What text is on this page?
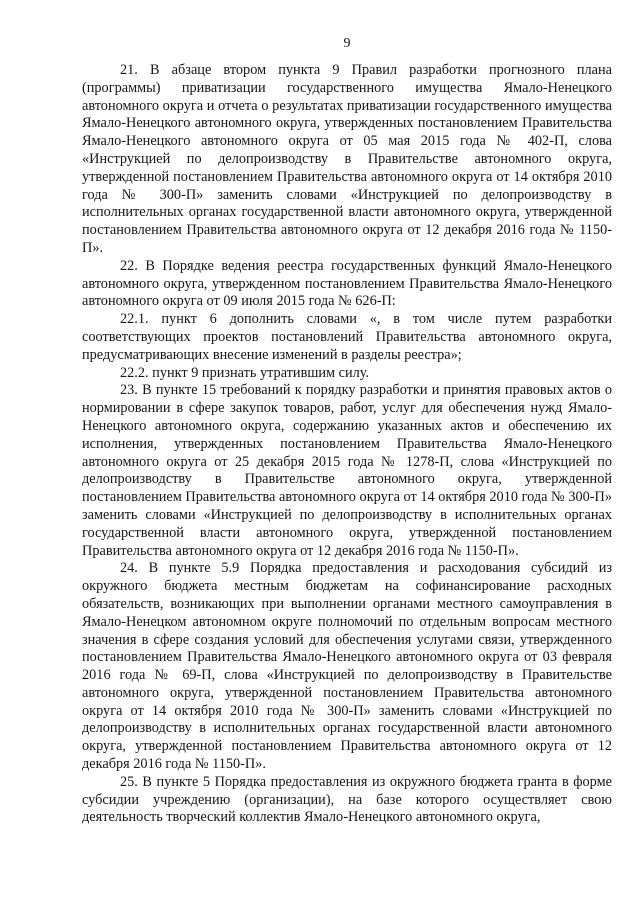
9

21. В абзаце втором пункта 9 Правил разработки прогнозного плана (программы) приватизации государственного имущества Ямало-Ненецкого автономного округа и отчета о результатах приватизации государственного имущества Ямало-Ненецкого автономного округа, утвержденных постановлением Правительства Ямало-Ненецкого автономного округа от 05 мая 2015 года № 402-П, слова «Инструкцией по делопроизводству в Правительстве автономного округа, утвержденной постановлением Правительства автономного округа от 14 октября 2010 года № 300-П» заменить словами «Инструкцией по делопроизводству в исполнительных органах государственной власти автономного округа, утвержденной постановлением Правительства автономного округа от 12 декабря 2016 года № 1150-П».

22. В Порядке ведения реестра государственных функций Ямало-Ненецкого автономного округа, утвержденном постановлением Правительства Ямало-Ненецкого автономного округа от 09 июля 2015 года № 626-П:

22.1. пункт 6 дополнить словами «, в том числе путем разработки соответствующих проектов постановлений Правительства автономного округа, предусматривающих внесение изменений в разделы реестра»;

22.2. пункт 9 признать утратившим силу.

23. В пункте 15 требований к порядку разработки и принятия правовых актов о нормировании в сфере закупок товаров, работ, услуг для обеспечения нужд Ямало-Ненецкого автономного округа, содержанию указанных актов и обеспечению их исполнения, утвержденных постановлением Правительства Ямало-Ненецкого автономного округа от 25 декабря 2015 года № 1278-П, слова «Инструкцией по делопроизводству в Правительстве автономного округа, утвержденной постановлением Правительства автономного округа от 14 октября 2010 года № 300-П» заменить словами «Инструкцией по делопроизводству в исполнительных органах государственной власти автономного округа, утвержденной постановлением Правительства автономного округа от 12 декабря 2016 года № 1150-П».

24. В пункте 5.9 Порядка предоставления и расходования субсидий из окружного бюджета местным бюджетам на софинансирование расходных обязательств, возникающих при выполнении органами местного самоуправления в Ямало-Ненецком автономном округе полномочий по отдельным вопросам местного значения в сфере создания условий для обеспечения услугами связи, утвержденного постановлением Правительства Ямало-Ненецкого автономного округа от 03 февраля 2016 года № 69-П, слова «Инструкцией по делопроизводству в Правительстве автономного округа, утвержденной постановлением Правительства автономного округа от 14 октября 2010 года № 300-П» заменить словами «Инструкцией по делопроизводству в исполнительных органах государственной власти автономного округа, утвержденной постановлением Правительства автономного округа от 12 декабря 2016 года № 1150-П».

25. В пункте 5 Порядка предоставления из окружного бюджета гранта в форме субсидии учреждению (организации), на базе которого осуществляет свою деятельность творческий коллектив Ямало-Ненецкого автономного округа,
